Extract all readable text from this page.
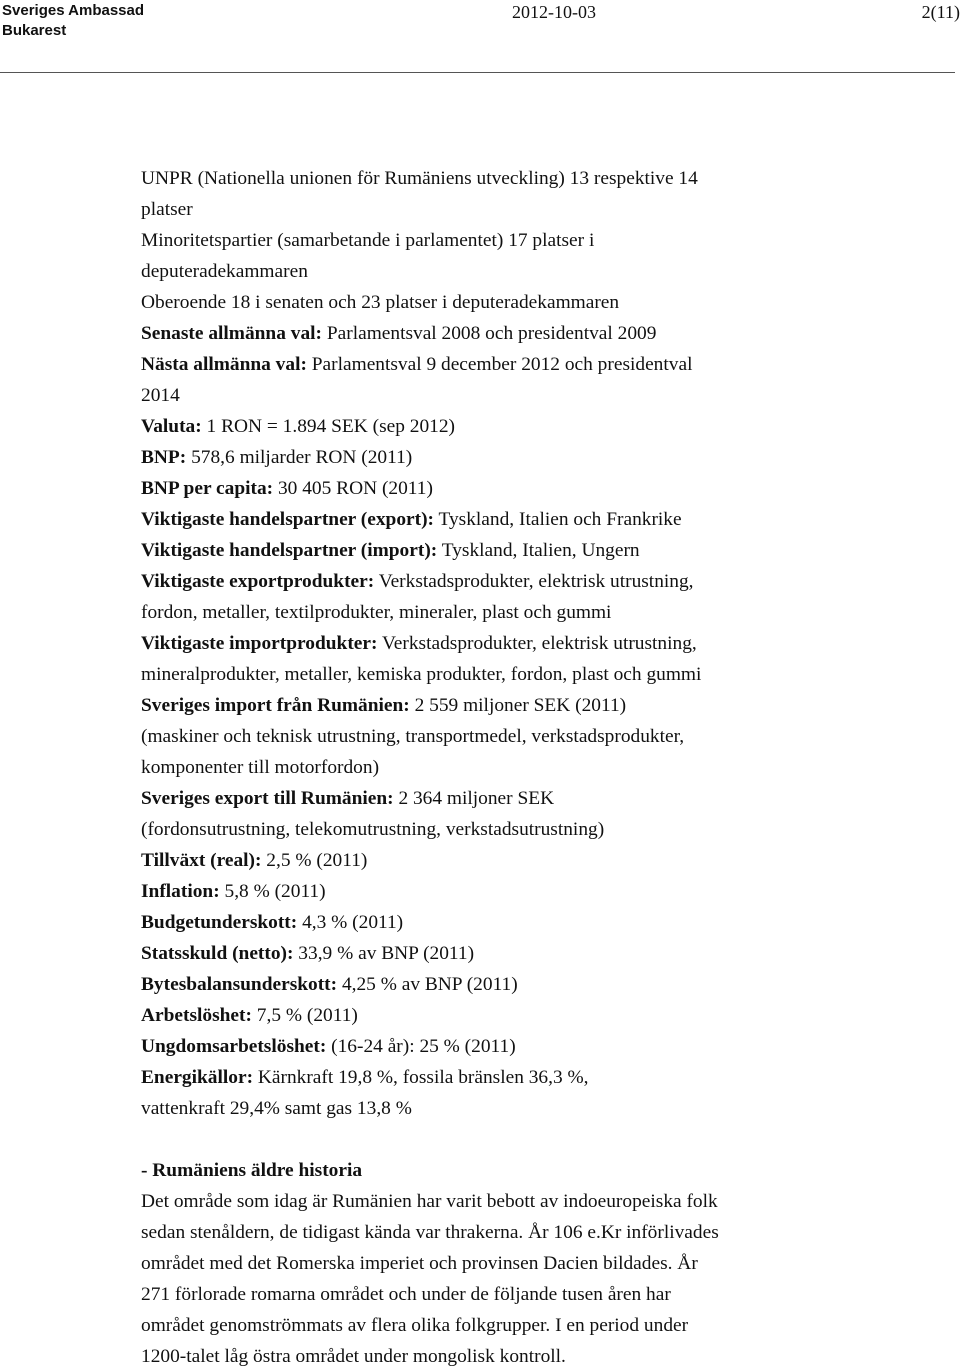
Sveriges Ambassad
Bukarest
2012-10-03	2(11)
UNPR (Nationella unionen för Rumäniens utveckling) 13 respektive 14
platser
Minoritetspartier (samarbetande i parlamentet) 17 platser i
deputeradekammaren
Oberoende 18 i senaten och 23 platser i deputeradekammaren
Senaste allmänna val: Parlamentsval 2008 och presidentval 2009
Nästa allmänna val: Parlamentsval 9 december 2012 och presidentval
2014
Valuta: 1 RON = 1.894 SEK (sep 2012)
BNP: 578,6 miljarder RON (2011)
BNP per capita: 30 405 RON (2011)
Viktigaste handelspartner (export): Tyskland, Italien och Frankrike
Viktigaste handelspartner (import): Tyskland, Italien, Ungern
Viktigaste exportprodukter: Verkstadsprodukter, elektrisk utrustning,
fordon, metaller, textilprodukter, mineraler, plast och gummi
Viktigaste importprodukter: Verkstadsprodukter, elektrisk utrustning,
mineralprodukter, metaller, kemiska produkter, fordon, plast och gummi
Sveriges import från Rumänien: 2 559 miljoner SEK (2011)
(maskiner och teknisk utrustning, transportmedel, verkstadsprodukter,
komponenter till motorfordon)
Sveriges export till Rumänien: 2 364 miljoner SEK
(fordonsutrustning, telekomutrustning, verkstadsutrustning)
Tillväxt (real): 2,5 % (2011)
Inflation: 5,8 % (2011)
Budgetunderskott: 4,3 % (2011)
Statsskuld (netto): 33,9 % av BNP (2011)
Bytesbalansunderskott: 4,25 % av BNP (2011)
Arbetslöshet: 7,5 % (2011)
Ungdomsarbetslöshet: (16-24 år): 25 % (2011)
Energikällor: Kärnkraft 19,8 %, fossila bränslen 36,3 %,
vattenkraft 29,4% samt gas 13,8 %
- Rumäniens äldre historia
Det område som idag är Rumänien har varit bebott av indoeuropeiska folk
sedan stenåldern, de tidigast kända var thrakerna. År 106 e.Kr införlivades
området med det Romerska imperiet och provinsen Dacien bildades. År
271 förlorade romarna området och under de följande tusen åren har
området genomströmmats av flera olika folkgrupper. I en period under
1200-talet låg östra området under mongolisk kontroll.
